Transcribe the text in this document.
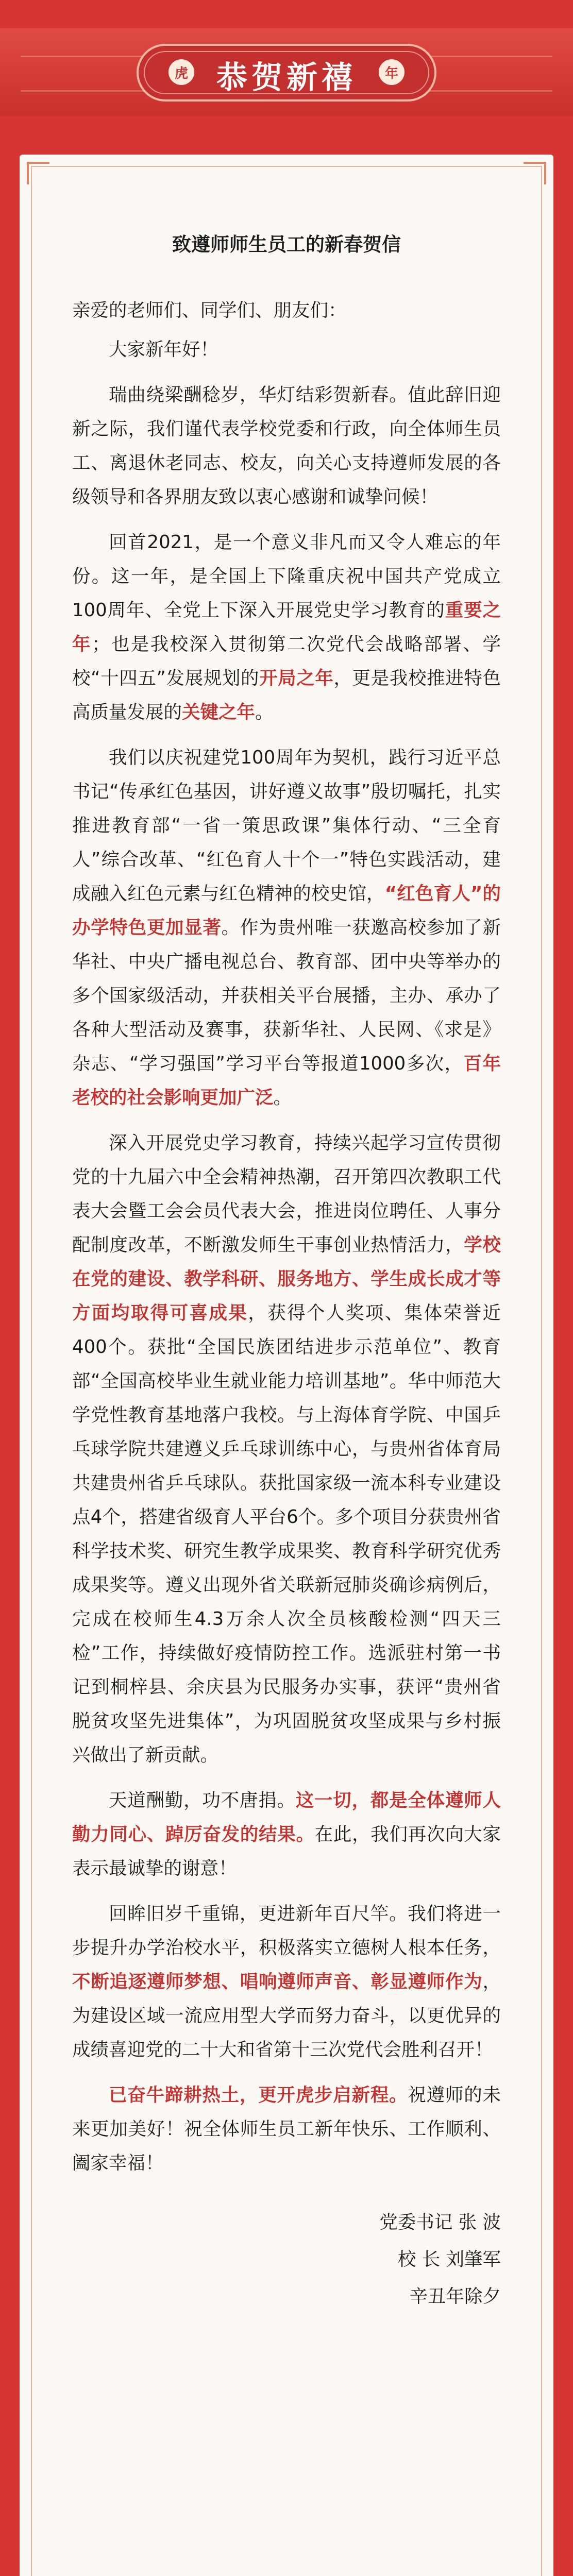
虎 恭贺新禧	年
致遵师师生员工的新春贺信

亲爱的老师们、同学们、朋友们：

大家新年好！

瑞曲绕梁酬稔岁，华灯结彩贺新春。值此辞旧迎新之际，我们谨代表学校党委和行政，向全体师生员工、离退休老同志、校友，向关心支持遵师发展的各级领导和各界朋友致以衷心感谢和诚挚问候！

回首2021，是一个意义非凡而又令人难忘的年份。这一年，是全国上下隆重庆祝中国共产党成立100周年、全党上下深入开展党史学习教育的重要之年；也是我校深入贯彻第二次党代会战略部署、学校“十四五”发展规划的开局之年，更是我校推进特色高质量发展的关键之年。

我们以庆祝建党100周年为契机，践行习近平总书记“传承红色基因，讲好遵义故事”殷切嘱托，扎实推进教育部“一省一策思政课”集体行动、“三全育人”综合改革、“红色育人十个一”特色实践活动，建成融入红色元素与红色精神的校史馆，“红色育人”的办学特色更加显著。作为贵州唯一获邀高校参加了新华社、中央广播电视总台、教育部、团中央等举办的多个国家级活动，并获相关平台展播，主办、承办了各种大型活动及赛事，获新华社、人民网、《求是》杂志、“学习强国”学习平台等报道1000多次，百年老校的社会影响更加广泛。

深入开展党史学习教育，持续兴起学习宣传贯彻党的十九届六中全会精神热潮，召开第四次教职工代表大会暨工会会员代表大会，推进岗位聘任、人事分配制度改革，不断激发师生干事创业热情活力，学校在党的建设、教学科研、服务地方、学生成长成才等方面均取得可喜成果，获得个人奖项、集体荣誉近400个。获批“全国民族团结进步示范单位”、教育部“全国高校毕业生就业能力培训基地”。华中师范大学党性教育基地落户我校。与上海体育学院、中国乒乓球学院共建遵义乒乓球训练中心，与贵州省体育局共建贵州省乒乓球队。获批国家级一流本科专业建设点4个，搭建省级育人平台6个。多个项目分获贵州省科学技术奖、研究生教学成果奖、教育科学研究优秀成果奖等。遵义出现外省关联新冠肺炎确诊病例后，完成在校师生4.3万余人次全员核酸检测“四天三检”工作，持续做好疫情防控工作。选派驻村第一书记到桐梓县、余庆县为民服务办实事，获评“贵州省脱贫攻坚先进集体”，为巩固脱贫攻坚成果与乡村振兴做出了新贡献。

天道酬勤，功不唐捐。这一切，都是全体遵师人勤力同心、踔厉奋发的结果。在此，我们再次向大家表示最诚挚的谢意！

回眸旧岁千重锦，更进新年百尺竿。我们将进一步提升办学治校水平，积极落实立德树人根本任务，不断追逐遵师梦想、唱响遵师声音、彰显遵师作为，为建设区域一流应用型大学而努力奋斗，以更优异的成绩喜迎党的二十大和省第十三次党代会胜利召开！

已奋牛蹄耕热土，更开虎步启新程。祝遵师的未来更加美好！祝全体师生员工新年快乐、工作顺利、阖家幸福！

党委书记 张 波

校 长 刘肇军

辛丑年除夕
